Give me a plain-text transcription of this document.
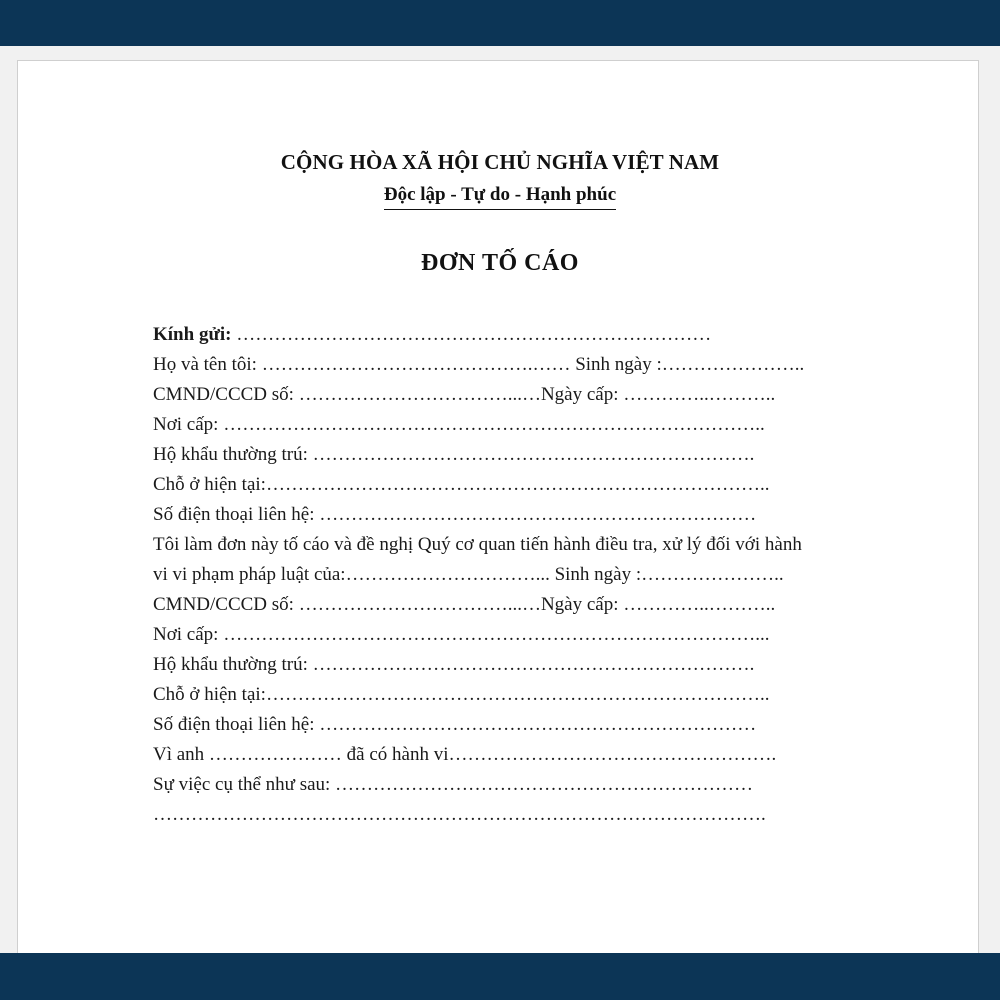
CỘNG HÒA XÃ HỘI CHỦ NGHĨA VIỆT NAM
Độc lập - Tự do - Hạnh phúc
ĐƠN TỐ CÁO
Kính gửi: …………………………………………………………………
Họ và tên tôi: …………………………………….…… Sinh ngày :…………………..
CMND/CCCD số: ……………………………...…Ngày cấp: …………..………..
Nơi cấp: …………………………………………………………………………..
Hộ khẩu thường trú: …………………………………………………………….
Chỗ ở hiện tại:……………………………………………………………………..
Số điện thoại liên hệ: ……………………………………………………………
Tôi làm đơn này tố cáo và đề nghị Quý cơ quan tiến hành điều tra, xử lý đối với hành
vi vi phạm pháp luật của:…………………………... Sinh ngày :…………………..
CMND/CCCD số: ……………………………...…Ngày cấp: …………..………..
Nơi cấp: …………………………………………………………………………...
Hộ khẩu thường trú: …………………………………………………………….
Chỗ ở hiện tại:……………………………………………………………………..
Số điện thoại liên hệ: ……………………………………………………………
Vì anh ………………… đã có hành vi…………………………………………….
Sự việc cụ thể như sau: …………………………………………………………
…………………………………………………………………………………….
